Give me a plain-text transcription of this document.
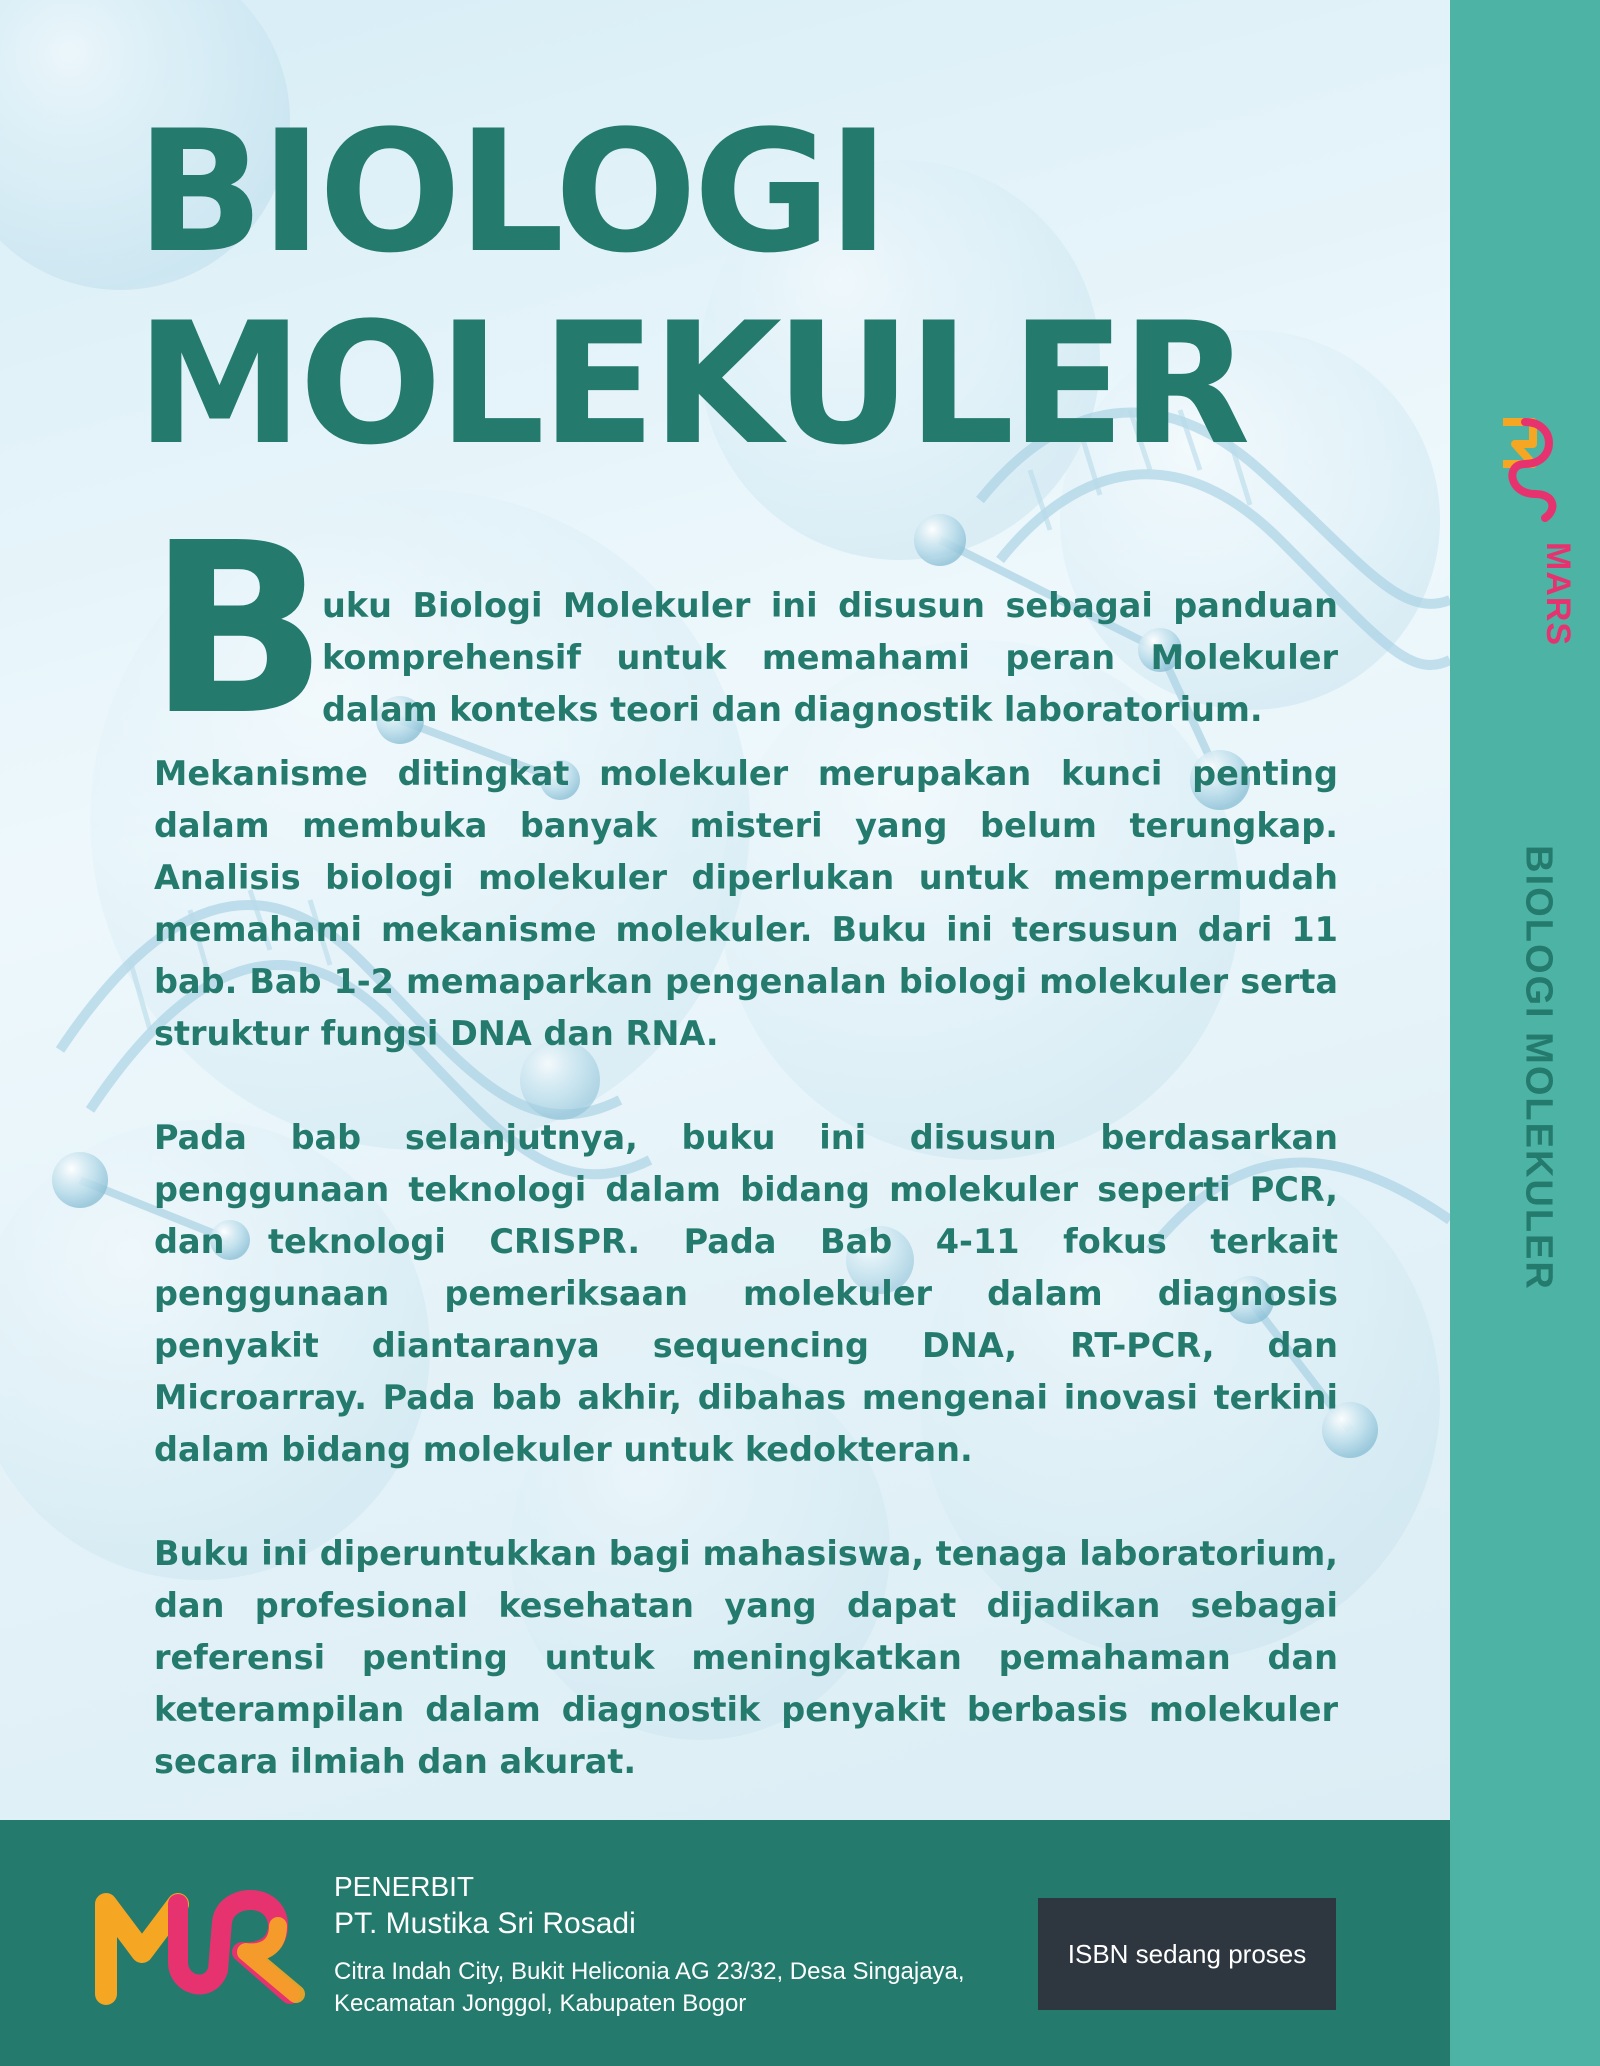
BIOLOGI
MOLEKULER
B
uku Biologi Molekuler ini disusun sebagai panduan komprehensif untuk memahami peran Molekuler dalam konteks teori dan diagnostik laboratorium.

Mekanisme ditingkat molekuler merupakan kunci penting dalam membuka banyak misteri yang belum terungkap. Analisis biologi molekuler diperlukan untuk mempermudah memahami mekanisme molekuler. Buku ini tersusun dari 11 bab. Bab 1-2 memaparkan pengenalan biologi molekuler serta struktur fungsi DNA dan RNA.

Pada bab selanjutnya, buku ini disusun berdasarkan penggunaan teknologi dalam bidang molekuler seperti PCR, dan teknologi CRISPR. Pada Bab 4-11 fokus terkait penggunaan pemeriksaan molekuler dalam diagnosis penyakit diantaranya sequencing DNA, RT-PCR, dan Microarray. Pada bab akhir, dibahas mengenai inovasi terkini dalam bidang molekuler untuk kedokteran.

Buku ini diperuntukkan bagi mahasiswa, tenaga laboratorium, dan profesional kesehatan yang dapat dijadikan sebagai referensi penting untuk meningkatkan pemahaman dan keterampilan dalam diagnostik penyakit berbasis molekuler secara ilmiah dan akurat.

MARS
BIOLOGI MOLEKULER
PENERBIT
PT. Mustika Sri Rosadi
Citra Indah City, Bukit Heliconia AG 23/32, Desa Singajaya,
Kecamatan Jonggol, Kabupaten Bogor
ISBN sedang proses
